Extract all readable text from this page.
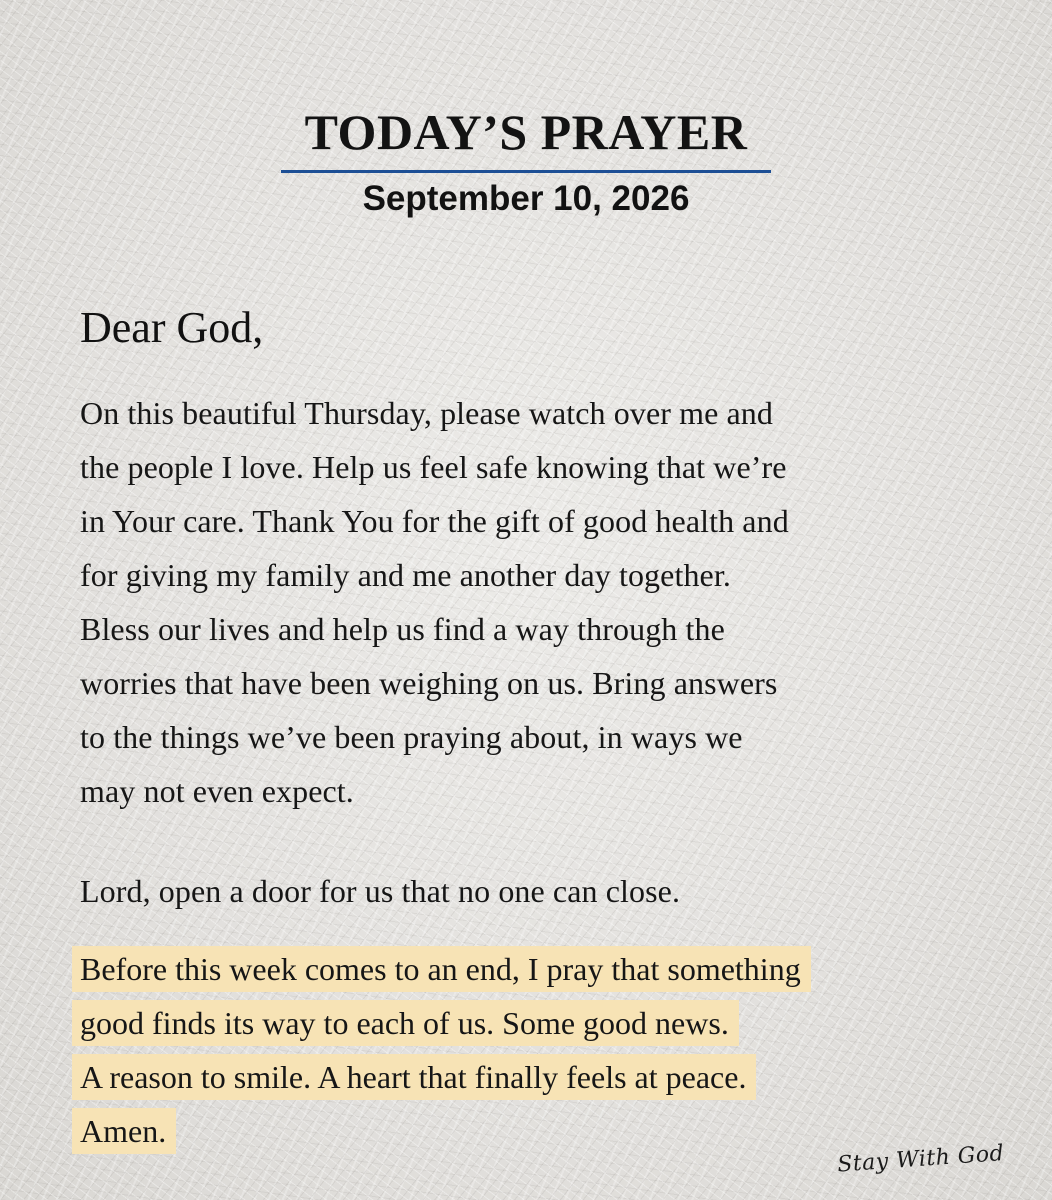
TODAY’S PRAYER
September 10, 2026
Dear God,
On this beautiful Thursday, please watch over me and
the people I love. Help us feel safe knowing that we’re
in Your care. Thank You for the gift of good health and
for giving my family and me another day together.
Bless our lives and help us find a way through the
worries that have been weighing on us. Bring answers
to the things we’ve been praying about, in ways we
may not even expect.
Lord, open a door for us that no one can close.
Before this week comes to an end, I pray that something
good finds its way to each of us. Some good news.
A reason to smile. A heart that finally feels at peace.
Amen.
Stay With God
